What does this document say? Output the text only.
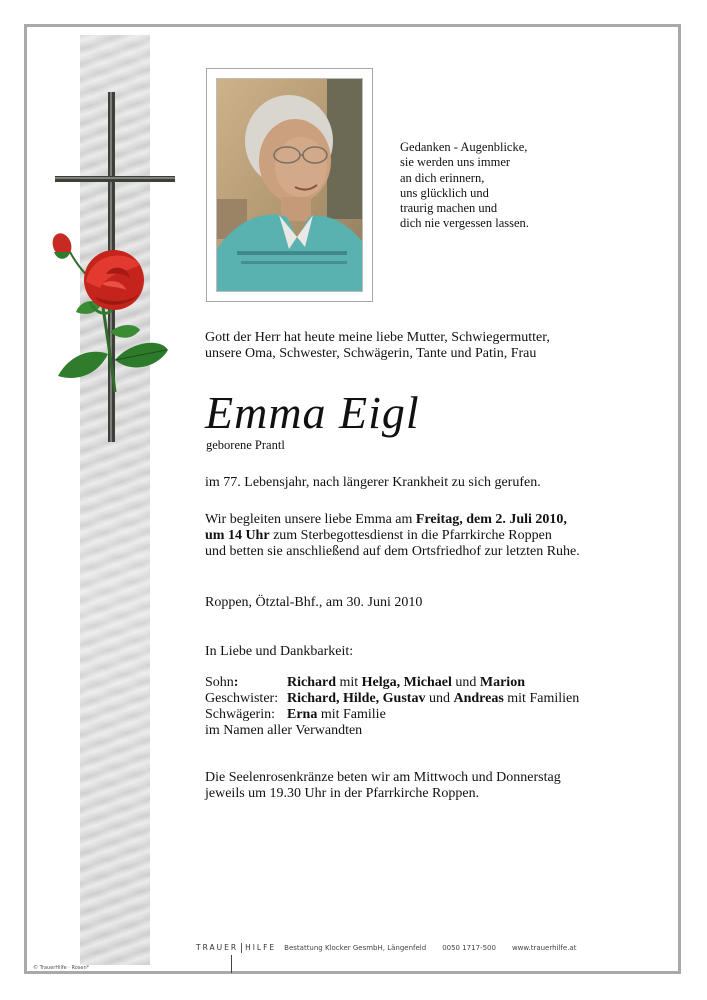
Gedanken - Augenblicke,
sie werden uns immer
an dich erinnern,
uns glücklich und
traurig machen und
dich nie vergessen lassen.
Gott der Herr hat heute meine liebe Mutter, Schwiegermutter,
unsere Oma, Schwester, Schwägerin, Tante und Patin, Frau
Emma Eigl
geborene Prantl
im 77. Lebensjahr, nach längerer Krankheit zu sich gerufen.
Wir begleiten unsere liebe Emma am Freitag, dem 2. Juli 2010,
um 14 Uhr zum Sterbegottesdienst in die Pfarrkirche Roppen
und betten sie anschließend auf dem Ortsfriedhof zur letzten Ruhe.
Roppen, Ötztal-Bhf., am 30. Juni 2010
In Liebe und Dankbarkeit:
Sohn:	Richard mit Helga, Michael und Marion
Geschwister:	Richard, Hilde, Gustav und Andreas mit Familien
Schwägerin:	Erna mit Familie
im Namen aller Verwandten	
Die Seelenrosenkränze beten wir am Mittwoch und Donnerstag
jeweils um 19.30 Uhr in der Pfarrkirche Roppen.
TRAUER HILFE Bestattung Klocker GesmbH, Längenfeld 0050 1717-500 www.trauerhilfe.at
© TrauerHilfe · Rosen*
